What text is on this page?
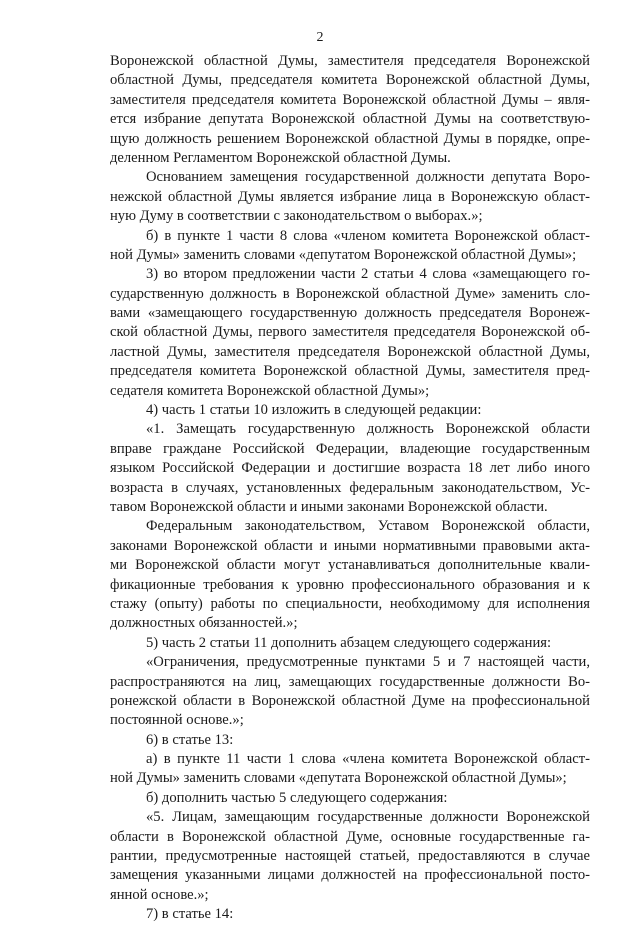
2
Воронежской областной Думы, заместителя председателя Воронежской
областной Думы, председателя комитета Воронежской областной Думы,
заместителя председателя комитета Воронежской областной Думы – явля-
ется избрание депутата Воронежской областной Думы на соответствую-
щую должность решением Воронежской областной Думы в порядке, опре-
деленном Регламентом Воронежской областной Думы.
Основанием замещения государственной должности депутата Воро-
нежской областной Думы является избрание лица в Воронежскую област-
ную Думу в соответствии с законодательством о выборах.»;
б) в пункте 1 части 8 слова «членом комитета Воронежской област-
ной Думы» заменить словами «депутатом Воронежской областной Думы»;
3) во втором предложении части 2 статьи 4 слова «замещающего го-
сударственную должность в Воронежской областной Думе» заменить сло-
вами «замещающего государственную должность председателя Воронеж-
ской областной Думы, первого заместителя председателя Воронежской об-
ластной Думы, заместителя председателя Воронежской областной Думы,
председателя комитета Воронежской областной Думы, заместителя пред-
седателя комитета Воронежской областной Думы»;
4) часть 1 статьи 10 изложить в следующей редакции:
«1. Замещать государственную должность Воронежской области
вправе граждане Российской Федерации, владеющие государственным
языком Российской Федерации и достигшие возраста 18 лет либо иного
возраста в случаях, установленных федеральным законодательством, Ус-
тавом Воронежской области и иными законами Воронежской области.
Федеральным законодательством, Уставом Воронежской области,
законами Воронежской области и иными нормативными правовыми акта-
ми Воронежской области могут устанавливаться дополнительные квали-
фикационные требования к уровню профессионального образования и к
стажу (опыту) работы по специальности, необходимому для исполнения
должностных обязанностей.»;
5) часть 2 статьи 11 дополнить абзацем следующего содержания:
«Ограничения, предусмотренные пунктами 5 и 7 настоящей части,
распространяются на лиц, замещающих государственные должности Во-
ронежской области в Воронежской областной Думе на профессиональной
постоянной основе.»;
6) в статье 13:
а) в пункте 11 части 1 слова «члена комитета Воронежской област-
ной Думы» заменить словами «депутата Воронежской областной Думы»;
б) дополнить частью 5 следующего содержания:
«5. Лицам, замещающим государственные должности Воронежской
области в Воронежской областной Думе, основные государственные га-
рантии, предусмотренные настоящей статьей, предоставляются в случае
замещения указанными лицами должностей на профессиональной посто-
янной основе.»;
7) в статье 14:
